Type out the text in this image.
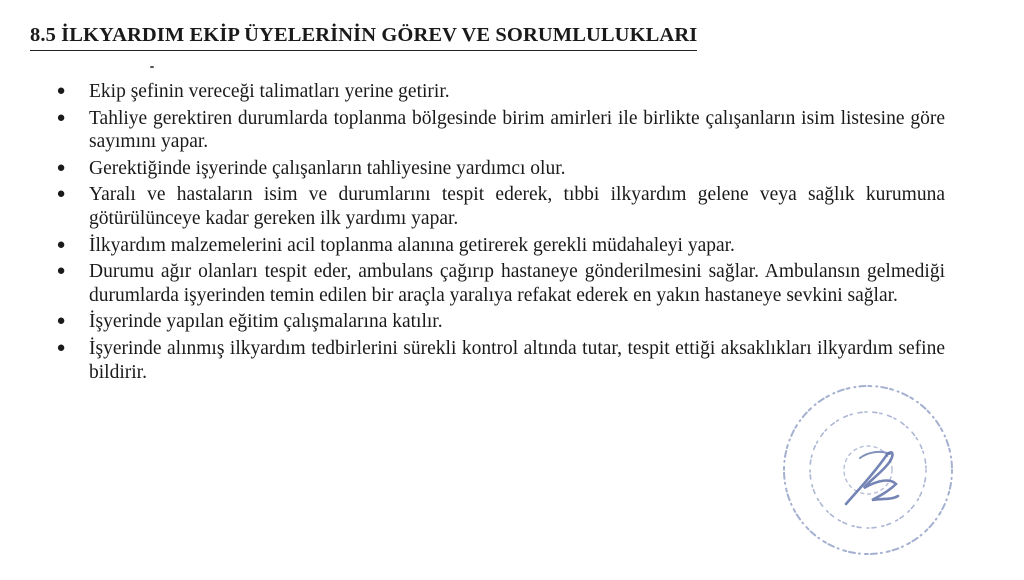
8.5 İLKYARDIM EKİP ÜYELERİNİN GÖREV VE SORUMLULUKLARI
● Ekip şefinin vereceği talimatları yerine getirir.
● Tahliye gerektiren durumlarda toplanma bölgesinde birim amirleri ile birlikte çalışanların isim listesine göre sayımını yapar.
● Gerektiğinde işyerinde çalışanların tahliyesine yardımcı olur.
● Yaralı ve hastaların isim ve durumlarını tespit ederek, tıbbi ilkyardım gelene veya sağlık kurumuna götürülünceye kadar gereken ilk yardımı yapar.
● İlkyardım malzemelerini acil toplanma alanına getirerek gerekli müdahaleyi yapar.
● Durumu ağır olanları tespit eder, ambulans çağırıp hastaneye gönderilmesini sağlar. Ambulansın gelmediği durumlarda işyerinden temin edilen bir araçla yaralıya refakat ederek en yakın hastaneye sevkini sağlar.
● İşyerinde yapılan eğitim çalışmalarına katılır.
● İşyerinde alınmış ilkyardım tedbirlerini sürekli kontrol altında tutar, tespit ettiği aksaklıkları ilkyardım sefine bildirir.
